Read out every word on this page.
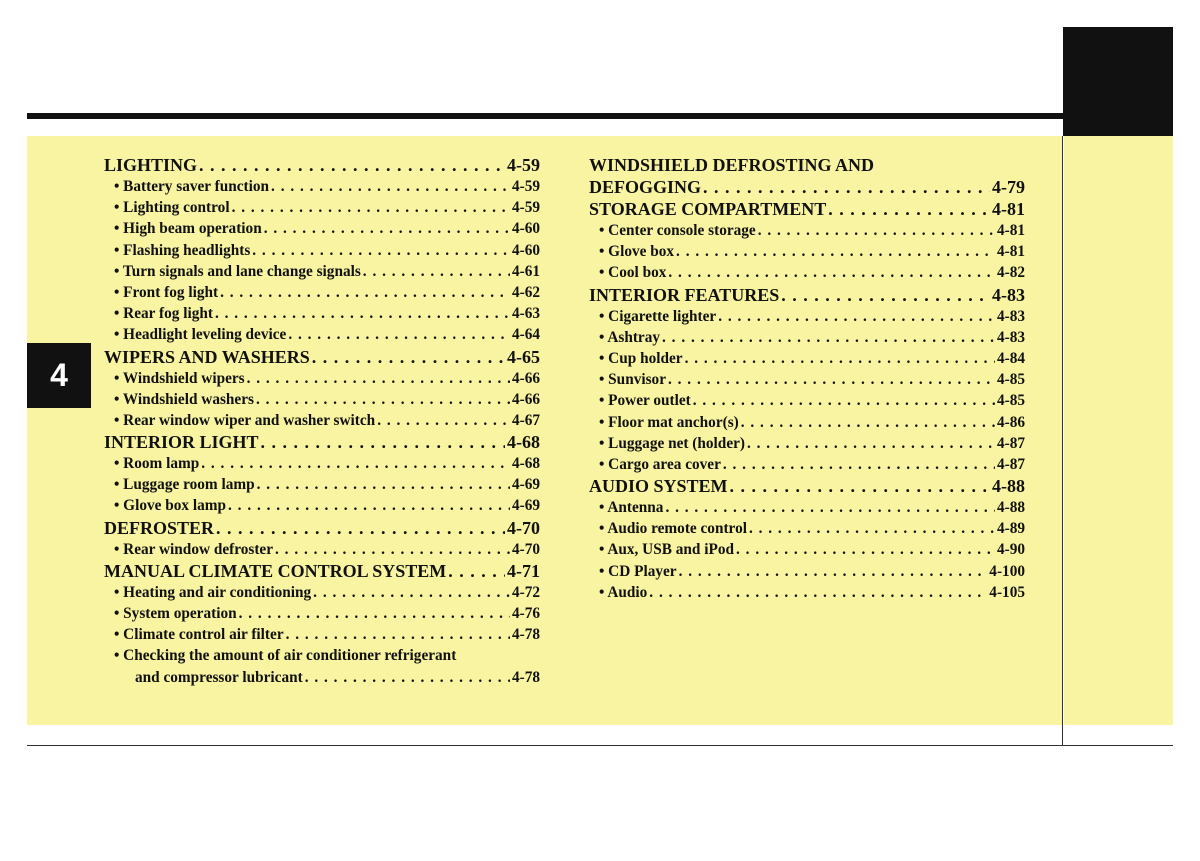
4
LIGHTING . . .	4-59
• Battery saver function . . .	4-59
• Lighting control . . .	4-59
• High beam operation . . .	4-60
• Flashing headlights . . .	4-60
• Turn signals and lane change signals . . .	4-61
• Front fog light . . .	4-62
• Rear fog light . . .	4-63
• Headlight leveling device . . .	4-64
WIPERS AND WASHERS . . .	4-65
• Windshield wipers . . .	4-66
• Windshield washers . . .	4-66
• Rear window wiper and washer switch . . .	4-67
INTERIOR LIGHT . . .	4-68
• Room lamp . . .	4-68
• Luggage room lamp . . .	4-69
• Glove box lamp . . .	4-69
DEFROSTER . . .	4-70
• Rear window defroster . . .	4-70
MANUAL CLIMATE CONTROL SYSTEM . . .	4-71
• Heating and air conditioning . . .	4-72
• System operation . . .	4-76
• Climate control air filter . . .	4-78
• Checking the amount of air conditioner refrigerant
and compressor lubricant . . .	4-78
WINDSHIELD DEFROSTING AND
DEFOGGING . . .	4-79
STORAGE COMPARTMENT . . .	4-81
• Center console storage . . .	4-81
• Glove box . . .	4-81
• Cool box . . .	4-82
INTERIOR FEATURES . . .	4-83
• Cigarette lighter . . .	4-83
• Ashtray . . .	4-83
• Cup holder . . .	4-84
• Sunvisor . . .	4-85
• Power outlet . . .	4-85
• Floor mat anchor(s) . . .	4-86
• Luggage net (holder) . . .	4-87
• Cargo area cover . . .	4-87
AUDIO SYSTEM . . .	4-88
• Antenna . . .	4-88
• Audio remote control . . .	4-89
• Aux, USB and iPod . . .	4-90
• CD Player . . .	4-100
• Audio . . .	4-105
